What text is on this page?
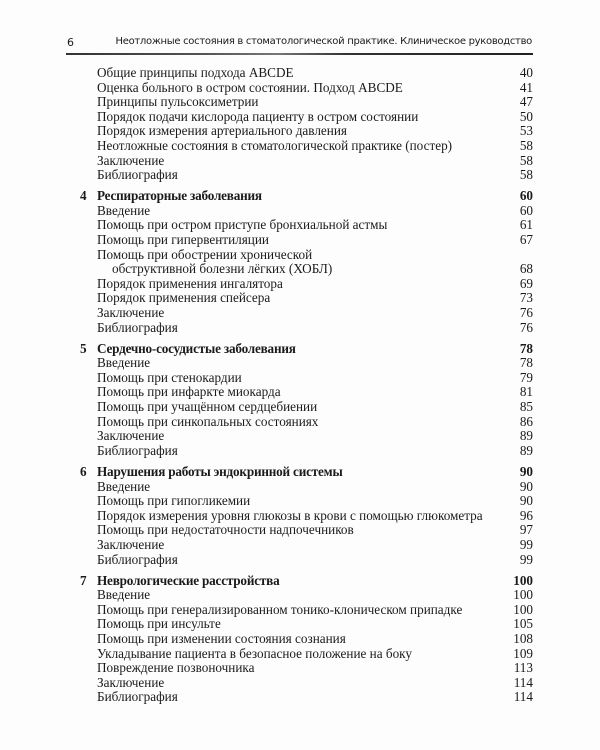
6	Неотложные состояния в стоматологической практике. Клиническое руководство
Общие принципы подхода ABCDE	40
Оценка больного в остром состоянии. Подход ABCDE	41
Принципы пульсоксиметрии	47
Порядок подачи кислорода пациенту в остром состоянии	50
Порядок измерения артериального давления	53
Неотложные состояния в стоматологической практике (постер)	58
Заключение	58
Библиография	58
4 Респираторные заболевания	60
Введение	60
Помощь при остром приступе бронхиальной астмы	61
Помощь при гипервентиляции	67
Помощь при обострении хронической
обструктивной болезни лёгких (ХОБЛ)	68
Порядок применения ингалятора	69
Порядок применения спейсера	73
Заключение	76
Библиография	76
5 Сердечно-сосудистые заболевания	78
Введение	78
Помощь при стенокардии	79
Помощь при инфаркте миокарда	81
Помощь при учащённом сердцебиении	85
Помощь при синкопальных состояниях	86
Заключение	89
Библиография	89
6 Нарушения работы эндокринной системы	90
Введение	90
Помощь при гипогликемии	90
Порядок измерения уровня глюкозы в крови с помощью глюкометра	96
Помощь при недостаточности надпочечников	97
Заключение	99
Библиография	99
7 Неврологические расстройства	100
Введение	100
Помощь при генерализированном тонико-клоническом припадке	100
Помощь при инсульте	105
Помощь при изменении состояния сознания	108
Укладывание пациента в безопасное положение на боку	109
Повреждение позвоночника	113
Заключение	114
Библиография	114
